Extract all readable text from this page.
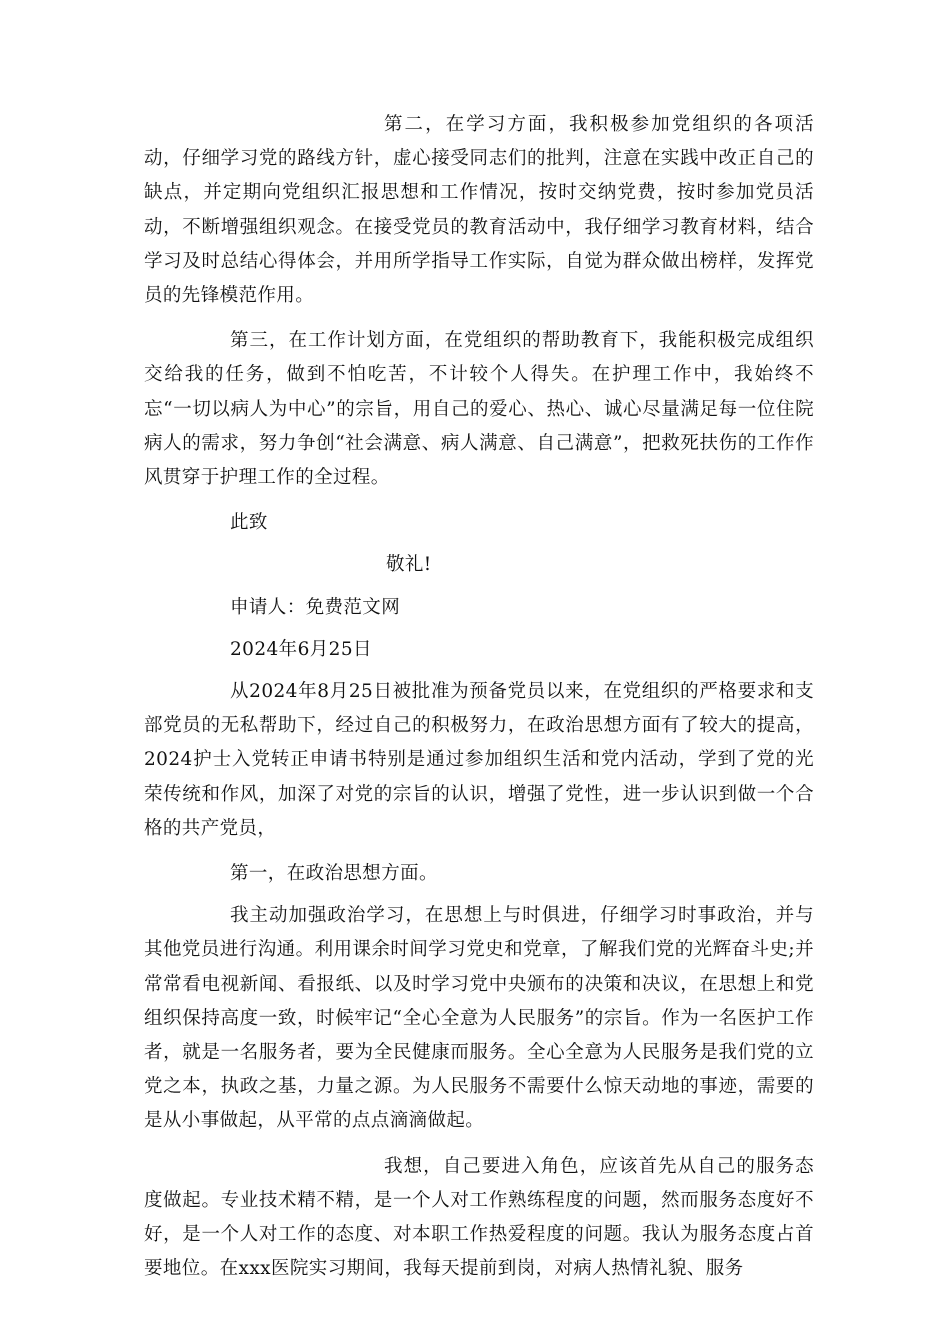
第二，在学习方面，我积极参加党组织的各项活动，仔细学习党的路线方针，虚心接受同志们的批判，注意在实践中改正自己的缺点，并定期向党组织汇报思想和工作情况，按时交纳党费，按时参加党员活动，不断增强组织观念。在接受党员的教育活动中，我仔细学习教育材料，结合学习及时总结心得体会，并用所学指导工作实际，自觉为群众做出榜样，发挥党员的先锋模范作用。

第三，在工作计划方面，在党组织的帮助教育下，我能积极完成组织交给我的任务，做到不怕吃苦，不计较个人得失。在护理工作中，我始终不忘“一切以病人为中心”的宗旨，用自己的爱心、热心、诚心尽量满足每一位住院病人的需求，努力争创“社会满意、病人满意、自己满意”，把救死扶伤的工作作风贯穿于护理工作的全过程。

此致

敬礼!

申请人：免费范文网

2024年6月25日

从2024年8月25日被批准为预备党员以来，在党组织的严格要求和支部党员的无私帮助下，经过自己的积极努力，在政治思想方面有了较大的提高，2024护士入党转正申请书特别是通过参加组织生活和党内活动，学到了党的光荣传统和作风，加深了对党的宗旨的认识，增强了党性，进一步认识到做一个合格的共产党员，

第一，在政治思想方面。

我主动加强政治学习，在思想上与时俱进，仔细学习时事政治，并与其他党员进行沟通。利用课余时间学习党史和党章，了解我们党的光辉奋斗史;并常常看电视新闻、看报纸、以及时学习党中央颁布的决策和决议，在思想上和党组织保持高度一致，时候牢记“全心全意为人民服务”的宗旨。作为一名医护工作者，就是一名服务者，要为全民健康而服务。全心全意为人民服务是我们党的立党之本，执政之基，力量之源。为人民服务不需要什么惊天动地的事迹，需要的是从小事做起，从平常的点点滴滴做起。

我想，自己要进入角色，应该首先从自己的服务态度做起。专业技术精不精，是一个人对工作熟练程度的问题，然而服务态度好不好，是一个人对工作的态度、对本职工作热爱程度的问题。我认为服务态度占首要地位。在xxx医院实习期间，我每天提前到岗，对病人热情礼貌、服务
